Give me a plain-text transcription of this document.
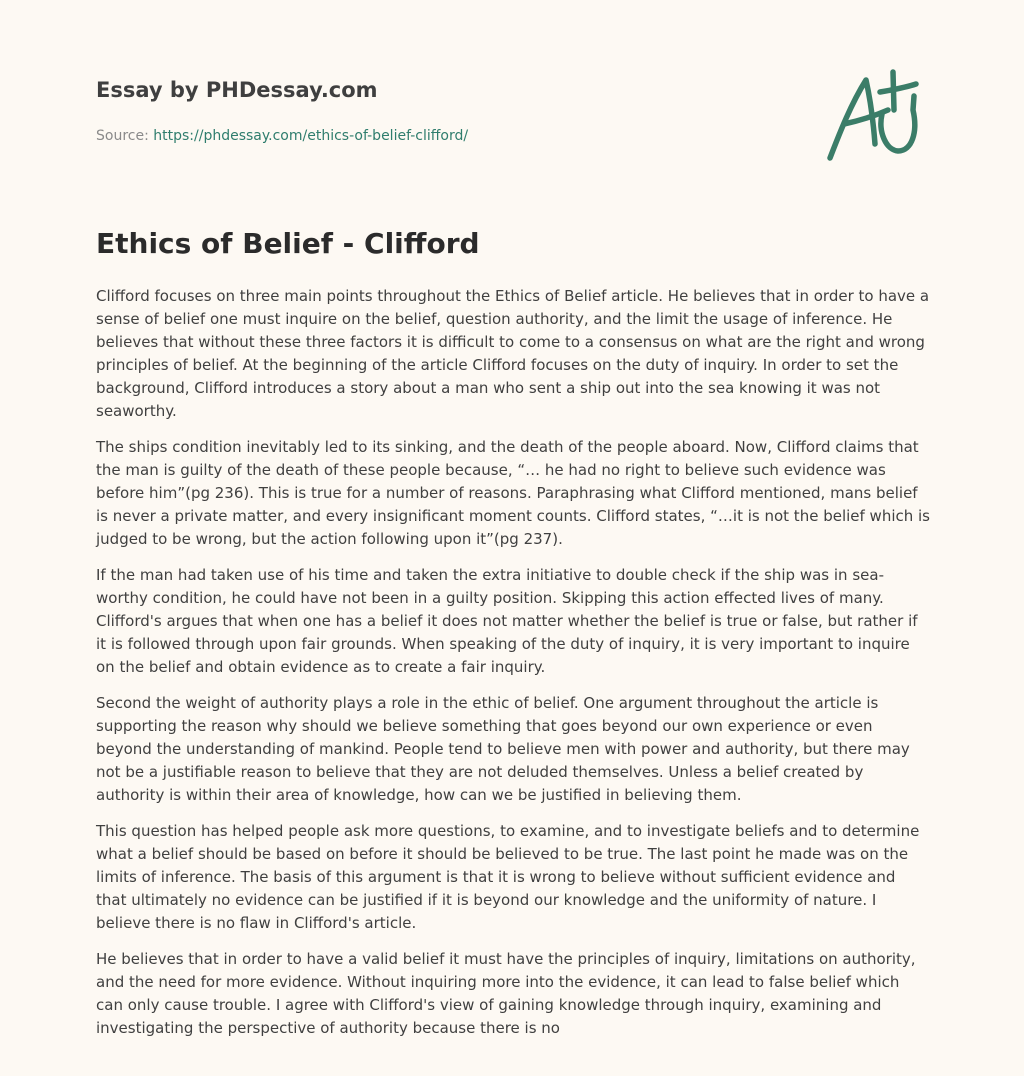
Essay by PHDessay.com
Source: https://phdessay.com/ethics-of-belief-clifford/
Ethics of Belief - Clifford

Clifford focuses on three main points throughout the Ethics of Belief article. He believes that in order to have a sense of belief one must inquire on the belief, question authority, and the limit the usage of inference. He believes that without these three factors it is difficult to come to a consensus on what are the right and wrong principles of belief. At the beginning of the article Clifford focuses on the duty of inquiry. In order to set the background, Clifford introduces a story about a man who sent a ship out into the sea knowing it was not seaworthy.

The ships condition inevitably led to its sinking, and the death of the people aboard. Now, Clifford claims that the man is guilty of the death of these people because, “… he had no right to believe such evidence was before him”(pg 236). This is true for a number of reasons. Paraphrasing what Clifford mentioned, mans belief is never a private matter, and every insignificant moment counts. Clifford states, “…it is not the belief which is judged to be wrong, but the action following upon it”(pg 237).

If the man had taken use of his time and taken the extra initiative to double check if the ship was in sea-worthy condition, he could have not been in a guilty position. Skipping this action effected lives of many. Clifford's argues that when one has a belief it does not matter whether the belief is true or false, but rather if it is followed through upon fair grounds. When speaking of the duty of inquiry, it is very important to inquire on the belief and obtain evidence as to create a fair inquiry.

Second the weight of authority plays a role in the ethic of belief. One argument throughout the article is supporting the reason why should we believe something that goes beyond our own experience or even beyond the understanding of mankind. People tend to believe men with power and authority, but there may not be a justifiable reason to believe that they are not deluded themselves. Unless a belief created by authority is within their area of knowledge, how can we be justified in believing them.

This question has helped people ask more questions, to examine, and to investigate beliefs and to determine what a belief should be based on before it should be believed to be true. The last point he made was on the limits of inference. The basis of this argument is that it is wrong to believe without sufficient evidence and that ultimately no evidence can be justified if it is beyond our knowledge and the uniformity of nature. I believe there is no flaw in Clifford's article.

He believes that in order to have a valid belief it must have the principles of inquiry, limitations on authority, and the need for more evidence. Without inquiring more into the evidence, it can lead to false belief which can only cause trouble. I agree with Clifford's view of gaining knowledge through inquiry, examining and investigating the perspective of authority because there is no
